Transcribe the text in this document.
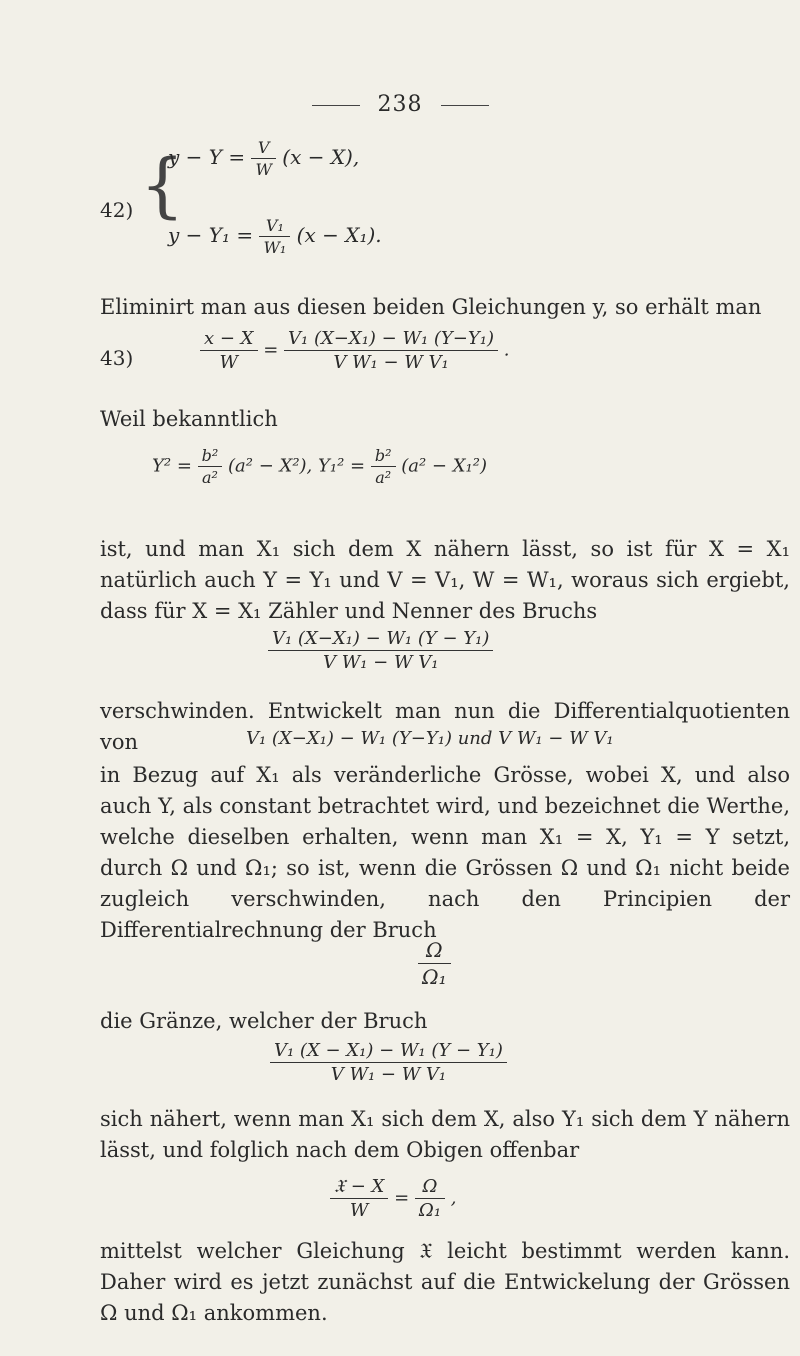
238
42) {
$y - Y = \frac{V}{W} (x - X)$,
$y - Y_1 = \frac{\text{V₁}}{\text{W₁}} (x - X_1)$.
Eliminirt man aus diesen beiden Gleichungen y, so erhält man
43)	$\frac{x - X}{W} = \frac{\text{V₁ (X−X₁) − W₁ (Y−Y₁)}}{\text{V W₁ − W V₁}}$ .
Weil bekanntlich
$Y^2 = \frac{\text{b²}}{\text{a²}} (a^2 - X^2)$, $Y_1^2 = \frac{\text{b²}}{\text{a²}} (a^2 - X_1^2)$
ist, und man X₁ sich dem X nähern lässt, so ist für X = X₁ natürlich auch Y = Y₁ und V = V₁, W = W₁, woraus sich ergiebt, dass für X = X₁ Zähler und Nenner des Bruchs
$\frac{\text{V₁ (X−X₁) − W₁ (Y − Y₁)}}{\text{V W₁ − W V₁}}$
verschwinden. Entwickelt man nun die Differentialquotienten von	V₁ (X−X₁) − W₁ (Y−Y₁) und V W₁ − W V₁
in Bezug auf X₁ als veränderliche Grösse, wobei X, und also auch Y, als constant betrachtet wird, und bezeichnet die Werthe, welche dieselben erhalten, wenn man X₁ = X, Y₁ = Y setzt, durch Ω und Ω₁; so ist, wenn die Grössen Ω und Ω₁ nicht beide zugleich verschwinden, nach den Principien der Differentialrechnung der Bruch
$\frac{\Omega}{\text{Ω₁}}$
die Gränze, welcher der Bruch
$\frac{\text{V₁ (X − X₁) − W₁ (Y − Y₁)}}{\text{V W₁ − W V₁}}$
sich nähert, wenn man X₁ sich dem X, also Y₁ sich dem Y nähern lässt, und folglich nach dem Obigen offenbar
$\frac{\text{𝔛 − X}}{W} = \frac{\Omega}{\text{Ω₁}}$ ,
mittelst welcher Gleichung 𝔛 leicht bestimmt werden kann. Daher wird es jetzt zunächst auf die Entwickelung der Grössen Ω und Ω₁ ankommen.
